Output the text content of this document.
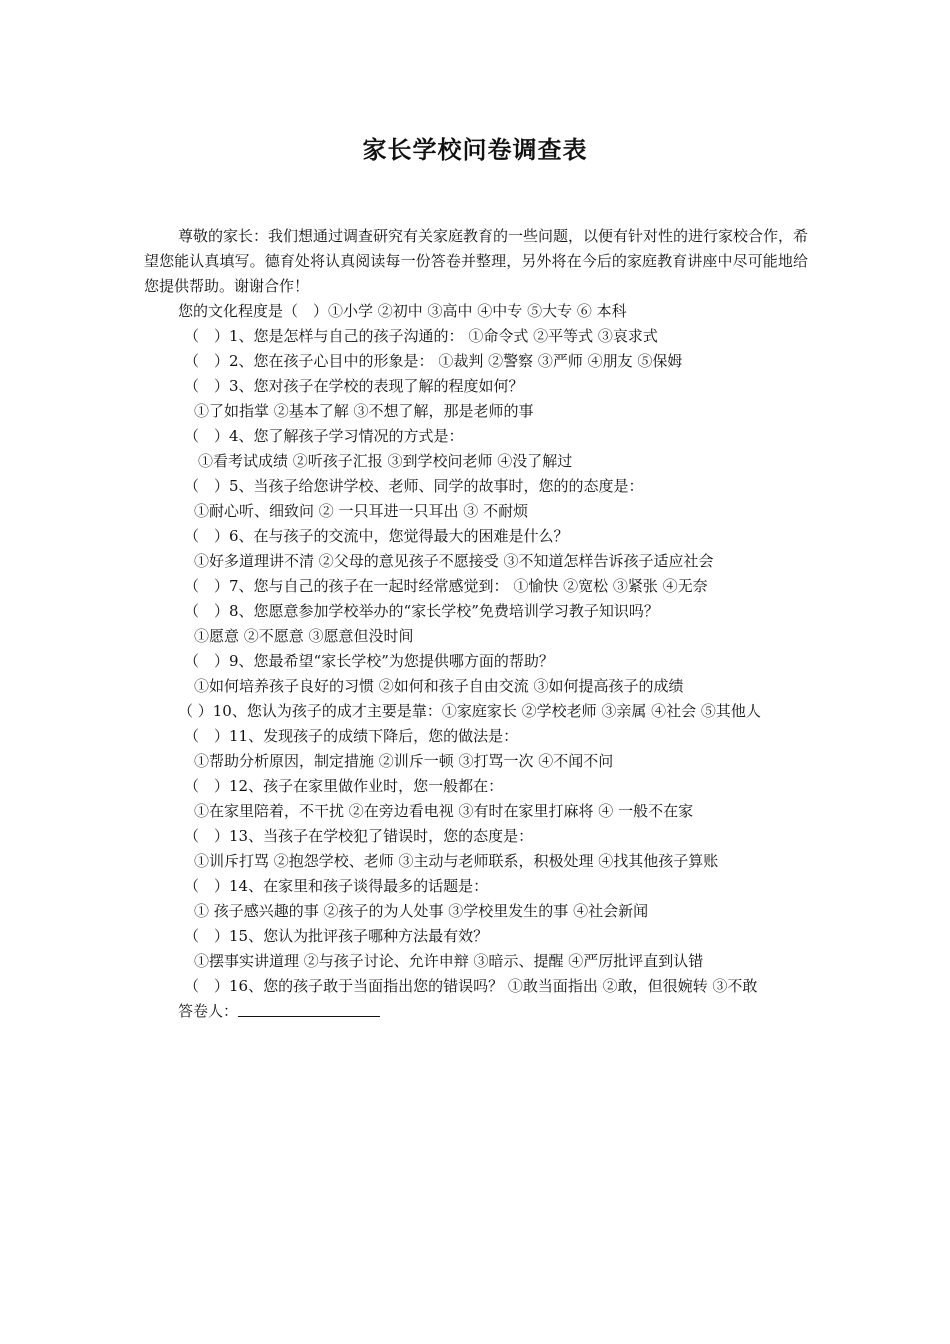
家长学校问卷调查表
尊敬的家长：我们想通过调查研究有关家庭教育的一些问题，以便有针对性的进行家校合作，希望您能认真填写。德育处将认真阅读每一份答卷并整理，另外将在今后的家庭教育讲座中尽可能地给您提供帮助。谢谢合作！
您的文化程度是（　）①小学 ②初中 ③高中 ④中专 ⑤大专 ⑥ 本科
（　）1、您是怎样与自己的孩子沟通的： ①命令式 ②平等式 ③哀求式
（　）2、您在孩子心目中的形象是： ①裁判 ②警察 ③严师 ④朋友 ⑤保姆
（　）3、您对孩子在学校的表现了解的程度如何？
①了如指掌 ②基本了解 ③不想了解，那是老师的事
（　）4、您了解孩子学习情况的方式是：
①看考试成绩 ②听孩子汇报 ③到学校问老师 ④没了解过
（　）5、当孩子给您讲学校、老师、同学的故事时，您的的态度是：
①耐心听、细致问 ② 一只耳进一只耳出 ③ 不耐烦
（　）6、在与孩子的交流中，您觉得最大的困难是什么？
①好多道理讲不清 ②父母的意见孩子不愿接受 ③不知道怎样告诉孩子适应社会
（　）7、您与自己的孩子在一起时经常感觉到： ①愉快 ②宽松 ③紧张 ④无奈
（　）8、您愿意参加学校举办的“家长学校”免费培训学习教子知识吗？
①愿意 ②不愿意 ③愿意但没时间
（　）9、您最希望“家长学校”为您提供哪方面的帮助？
①如何培养孩子良好的习惯 ②如何和孩子自由交流 ③如何提高孩子的成绩
（ ）10、您认为孩子的成才主要是靠：①家庭家长 ②学校老师 ③亲属 ④社会 ⑤其他人
（　）11、发现孩子的成绩下降后，您的做法是：
①帮助分析原因，制定措施 ②训斥一顿 ③打骂一次 ④不闻不问
（　）12、孩子在家里做作业时，您一般都在：
①在家里陪着，不干扰 ②在旁边看电视 ③有时在家里打麻将 ④ 一般不在家
（　）13、当孩子在学校犯了错误时，您的态度是：
①训斥打骂 ②抱怨学校、老师 ③主动与老师联系，积极处理 ④找其他孩子算账
（　）14、在家里和孩子谈得最多的话题是：
① 孩子感兴趣的事 ②孩子的为人处事 ③学校里发生的事 ④社会新闻
（　）15、您认为批评孩子哪种方法最有效？
①摆事实讲道理 ②与孩子讨论、允许申辩 ③暗示、提醒 ④严厉批评直到认错
（　）16、您的孩子敢于当面指出您的错误吗？ ①敢当面指出 ②敢，但很婉转 ③不敢
答卷人：
